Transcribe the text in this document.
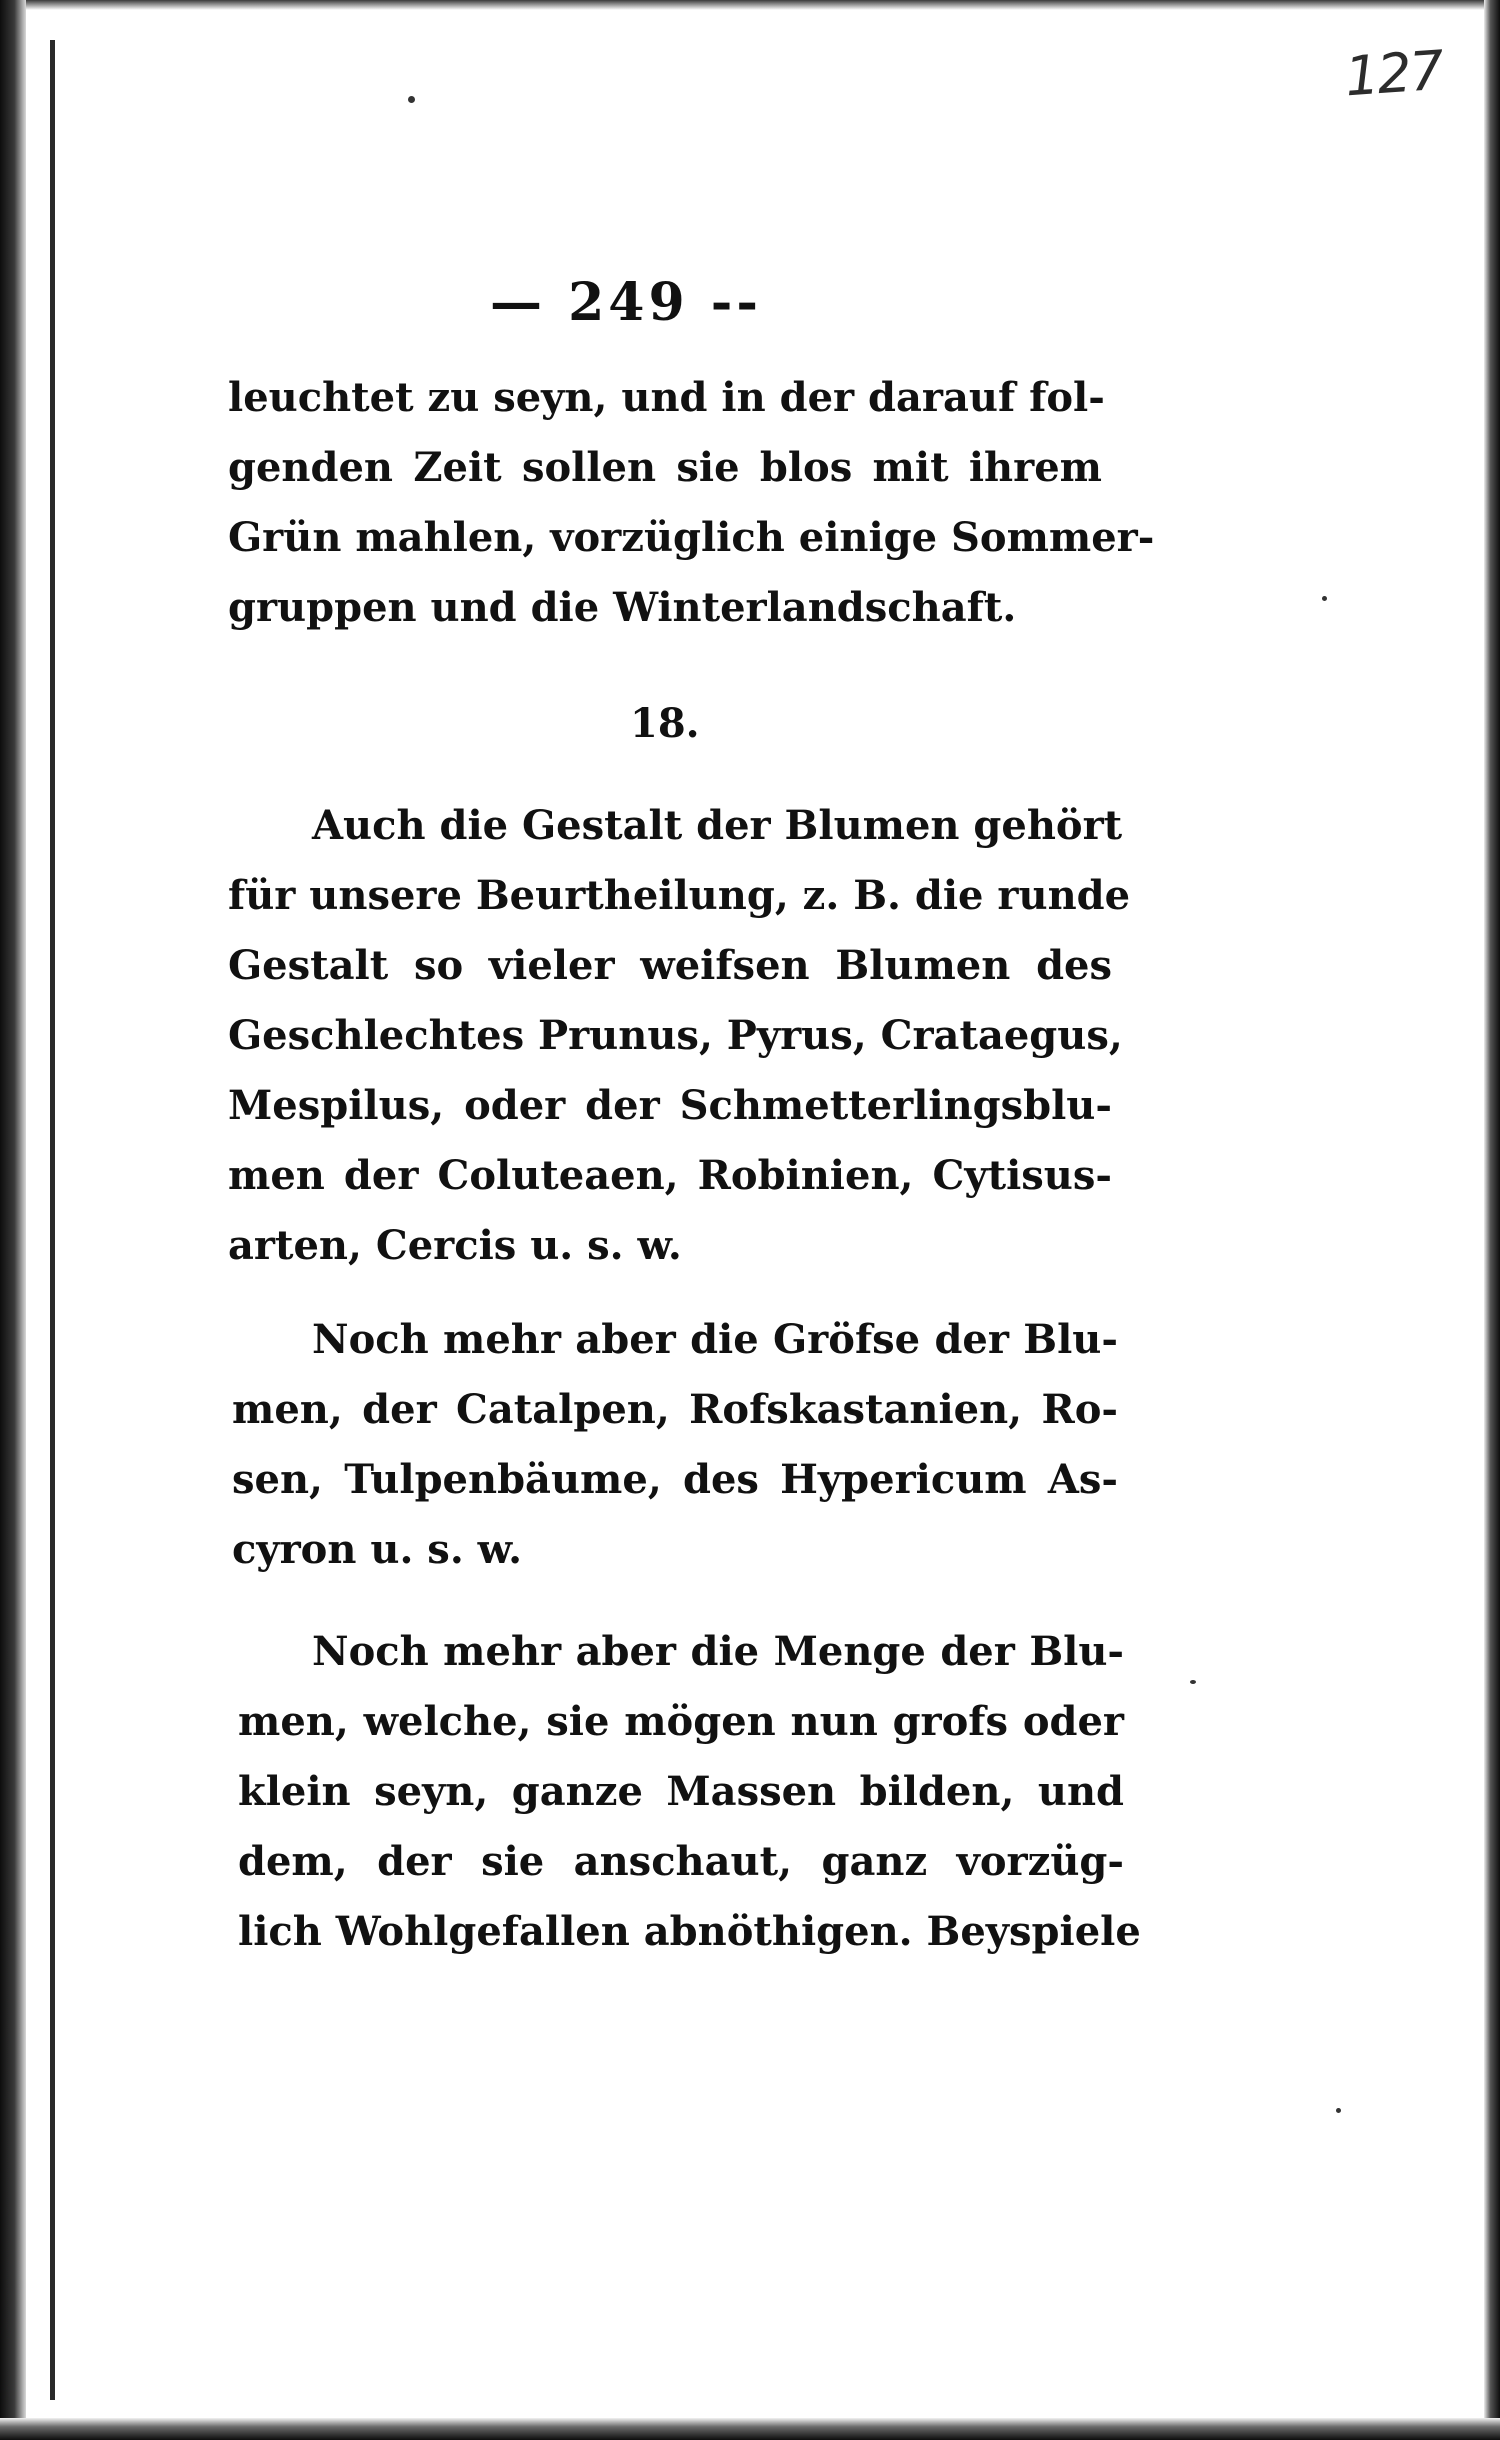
127
— 249 --
leuchtet zu seyn, und in der darauf fol-
genden Zeit sollen sie blos mit ihrem
Grün mahlen, vorzüglich einige Sommer-
gruppen und die Winterlandschaft.
18.
Auch die Gestalt der Blumen gehört
für unsere Beurtheilung, z. B. die runde
Gestalt so vieler weifsen Blumen des
Geschlechtes Prunus, Pyrus, Crataegus,
Mespilus, oder der Schmetterlingsblu-
men der Coluteaen, Robinien, Cytisus-
arten, Cercis u. s. w.
Noch mehr aber die Gröfse der Blu-
men, der Catalpen, Rofskastanien, Ro-
sen, Tulpenbäume, des Hypericum As-
cyron u. s. w.
Noch mehr aber die Menge der Blu-
men, welche, sie mögen nun grofs oder
klein seyn, ganze Massen bilden, und
dem, der sie anschaut, ganz vorzüg-
lich Wohlgefallen abnöthigen. Beyspiele
